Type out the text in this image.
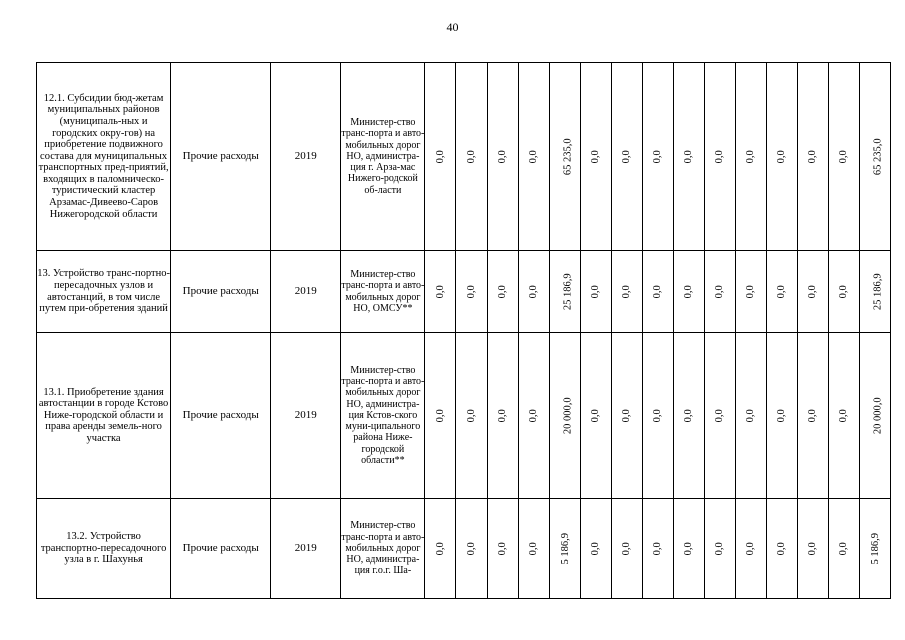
40
12.1. Субсидии бюд-жетам муниципальных районов (муниципаль-ных и городских окру-гов) на приобретение подвижного состава для муниципальных транспортных пред-приятий, входящих в паломническо-туристический кластер Арзамас-Дивеево-Саров Нижегородской области	Прочие расходы	2019	Министер-ство транс-порта и авто-мобильных дорог НО, администра-ция г. Арза-мас Нижего-родской об-ласти	0,0	0,0	0,0	0,0	65 235,0	0,0	0,0	0,0	0,0	0,0	0,0	0,0	0,0	0,0	65 235,0
13. Устройство транс-портно-пересадочных узлов и автостанций, в том числе путем при-обретения зданий	Прочие расходы	2019	Министер-ство транс-порта и авто-мобильных дорог НО, ОМСУ**	0,0	0,0	0,0	0,0	25 186,9	0,0	0,0	0,0	0,0	0,0	0,0	0,0	0,0	0,0	25 186,9
13.1. Приобретение здания автостанции в городе Кстово Ниже-городской области и права аренды земель-ного участка	Прочие расходы	2019	Министер-ство транс-порта и авто-мобильных дорог НО, администра-ция Кстов-ского муни-ципального района Ниже-городской области**	0,0	0,0	0,0	0,0	20 000,0	0,0	0,0	0,0	0,0	0,0	0,0	0,0	0,0	0,0	20 000,0
13.2. Устройство транспортно-пересадочного узла в г. Шахунья	Прочие расходы	2019	Министер-ство транс-порта и авто-мобильных дорог НО, администра-ция г.о.г. Ша-	0,0	0,0	0,0	0,0	5 186,9	0,0	0,0	0,0	0,0	0,0	0,0	0,0	0,0	0,0	5 186,9
